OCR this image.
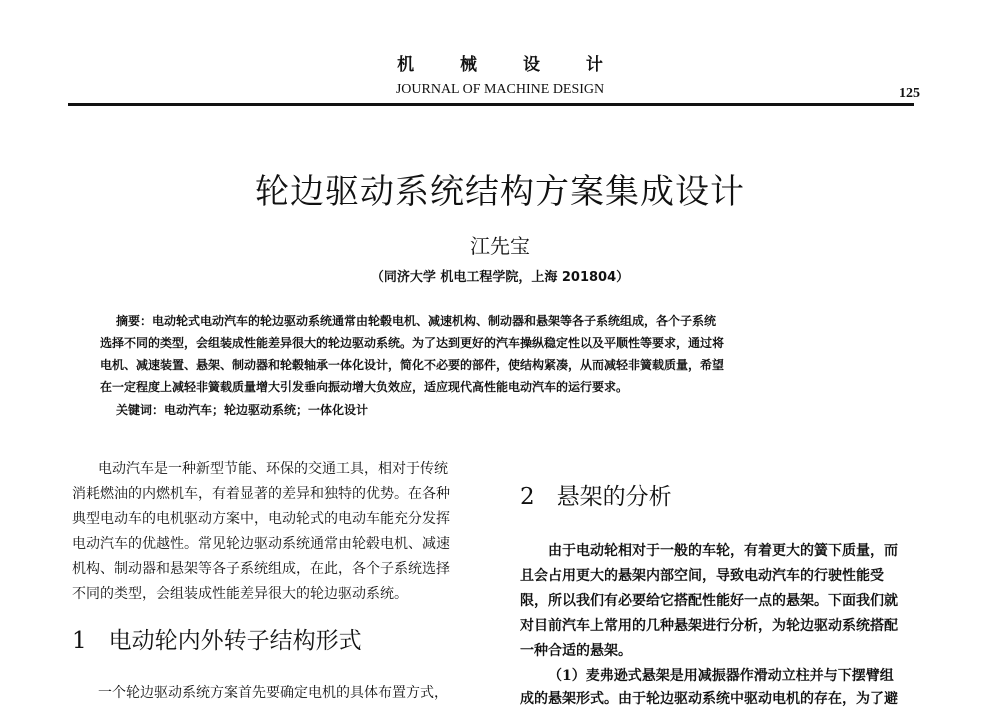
机 械 设 计
JOURNAL OF MACHINE DESIGN	125
轮边驱动系统结构方案集成设计
江先宝
（同济大学 机电工程学院，上海 201804）
摘要：电动轮式电动汽车的轮边驱动系统通常由轮毂电机、减速机构、制动器和悬架等各子系统组成，各个子系统
选择不同的类型，会组装成性能差异很大的轮边驱动系统。为了达到更好的汽车操纵稳定性以及平顺性等要求，通过将
电机、减速装置、悬架、制动器和轮毂轴承一体化设计，简化不必要的部件，使结构紧凑，从而减轻非簧载质量，希望
在一定程度上减轻非簧载质量增大引发垂向振动增大负效应，适应现代高性能电动汽车的运行要求。
关键词：电动汽车；轮边驱动系统；一体化设计
电动汽车是一种新型节能、环保的交通工具，相对于传统
消耗燃油的内燃机车，有着显著的差异和独特的优势。在各种
典型电动车的电机驱动方案中，电动轮式的电动车能充分发挥
电动汽车的优越性。常见轮边驱动系统通常由轮毂电机、减速
机构、制动器和悬架等各子系统组成，在此，各个子系统选择
不同的类型，会组装成性能差异很大的轮边驱动系统。
1 电动轮内外转子结构形式
一个轮边驱动系统方案首先要确定电机的具体布置方式，
2 悬架的分析
由于电动轮相对于一般的车轮，有着更大的簧下质量，而
且会占用更大的悬架内部空间，导致电动汽车的行驶性能受
限，所以我们有必要给它搭配性能好一点的悬架。下面我们就
对目前汽车上常用的几种悬架进行分析，为轮边驱动系统搭配
一种合适的悬架。
（1）麦弗逊式悬架是用减振器作滑动立柱并与下摆臂组
成的悬架形式。由于轮边驱动系统中驱动电机的存在，为了避
